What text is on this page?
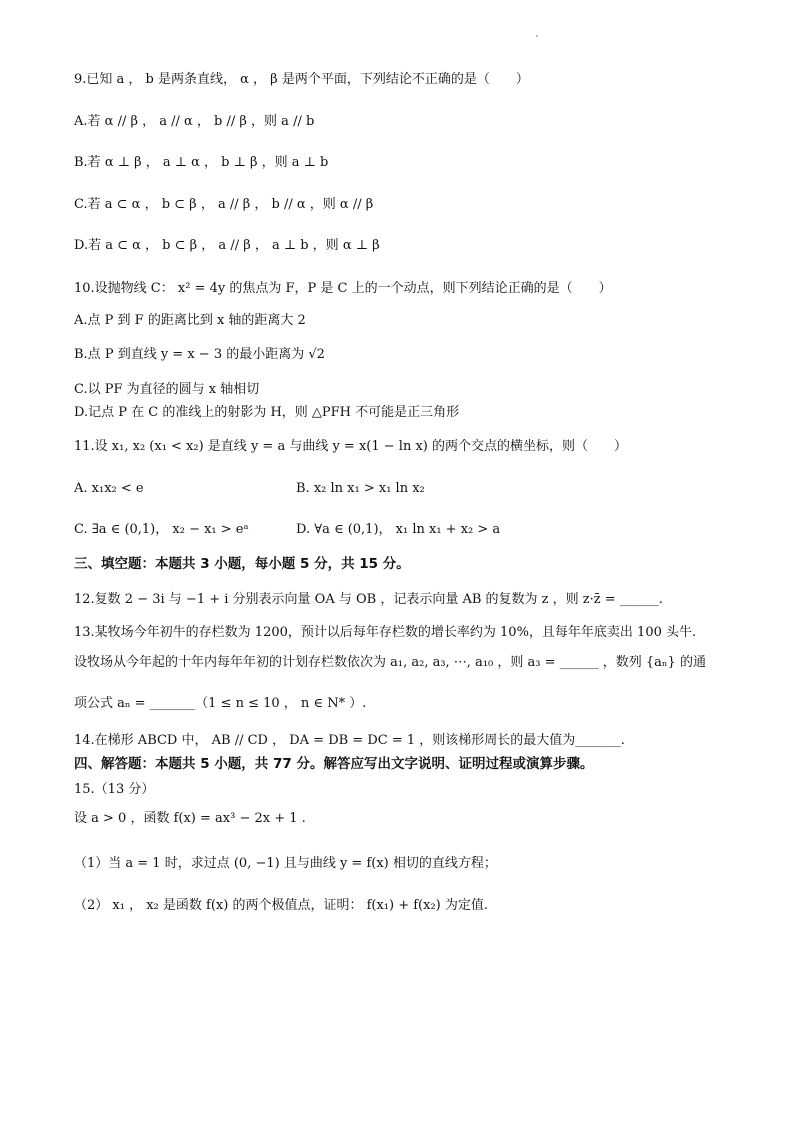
9.已知 a ， b 是两条直线， α ， β 是两个平面，下列结论不正确的是（　　）
A.若 α // β ， a // α ， b // β ，则 a // b
B.若 α ⊥ β ， a ⊥ α ， b ⊥ β ，则 a ⊥ b
C.若 a ⊂ α ， b ⊂ β ， a // β ， b // α ，则 α // β
D.若 a ⊂ α ， b ⊂ β ， a // β ， a ⊥ b ，则 α ⊥ β
10.设抛物线 C： x² = 4y 的焦点为 F，P 是 C 上的一个动点，则下列结论正确的是（　　）
A.点 P 到 F 的距离比到 x 轴的距离大 2
B.点 P 到直线 y = x − 3 的最小距离为 √2
C.以 PF 为直径的圆与 x 轴相切
D.记点 P 在 C 的准线上的射影为 H，则 △PFH 不可能是正三角形
11.设 x₁, x₂ (x₁ < x₂) 是直线 y = a 与曲线 y = x(1 − ln x) 的两个交点的横坐标，则（　　）
A. x₁x₂ < e	B. x₂ ln x₁ > x₁ ln x₂
C. ∃a ∈ (0,1)， x₂ − x₁ > eᵃ	D. ∀a ∈ (0,1)， x₁ ln x₁ + x₂ > a
三、填空题：本题共 3 小题，每小题 5 分，共 15 分。
12.复数 2 − 3i 与 −1 + i 分别表示向量 OA 与 OB ，记表示向量 AB 的复数为 z ，则 z·z̄ = ______.
13.某牧场今年初牛的存栏数为 1200，预计以后每年存栏数的增长率约为 10%，且每年年底卖出 100 头牛.
设牧场从今年起的十年内每年年初的计划存栏数依次为 a₁, a₂, a₃, ⋯, a₁₀ ，则 a₃ = ______ ，数列 {aₙ} 的通
项公式 aₙ = _______（1 ≤ n ≤ 10 ， n ∈ N* ）.
14.在梯形 ABCD 中， AB // CD ， DA = DB = DC = 1 ，则该梯形周长的最大值为_______.
四、解答题：本题共 5 小题，共 77 分。解答应写出文字说明、证明过程或演算步骤。
15.（13 分）
设 a > 0 ，函数 f(x) = ax³ − 2x + 1 .
（1）当 a = 1 时，求过点 (0, −1) 且与曲线 y = f(x) 相切的直线方程；
（2） x₁ ， x₂ 是函数 f(x) 的两个极值点，证明： f(x₁) + f(x₂) 为定值.
